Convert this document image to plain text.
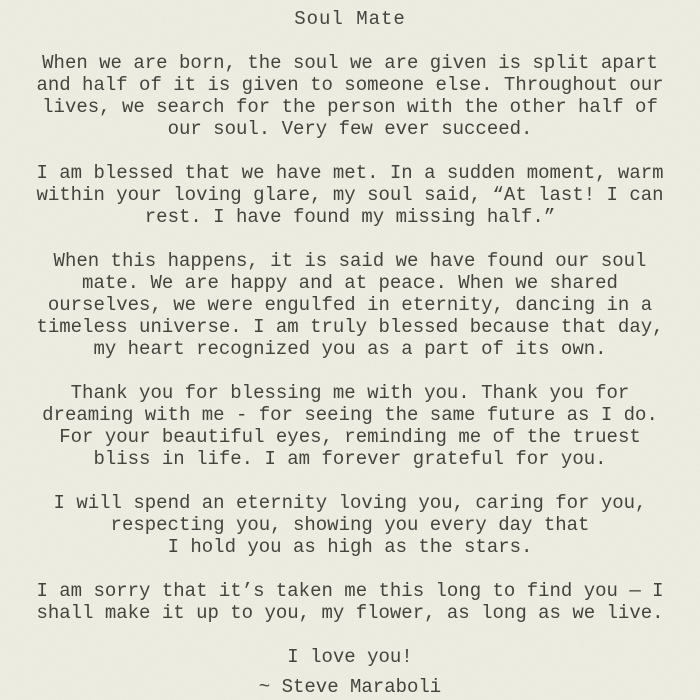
Soul Mate
When we are born, the soul we are given is split apart
and half of it is given to someone else. Throughout our
lives, we search for the person with the other half of
our soul. Very few ever succeed.
I am blessed that we have met. In a sudden moment, warm
within your loving glare, my soul said, “At last! I can
rest. I have found my missing half.”
When this happens, it is said we have found our soul
mate. We are happy and at peace. When we shared
ourselves, we were engulfed in eternity, dancing in a
timeless universe. I am truly blessed because that day,
my heart recognized you as a part of its own.
Thank you for blessing me with you. Thank you for
dreaming with me - for seeing the same future as I do.
For your beautiful eyes, reminding me of the truest
bliss in life. I am forever grateful for you.
I will spend an eternity loving you, caring for you,
respecting you, showing you every day that
I hold you as high as the stars.
I am sorry that it’s taken me this long to find you — I
shall make it up to you, my flower, as long as we live.
I love you!
~ Steve Maraboli
